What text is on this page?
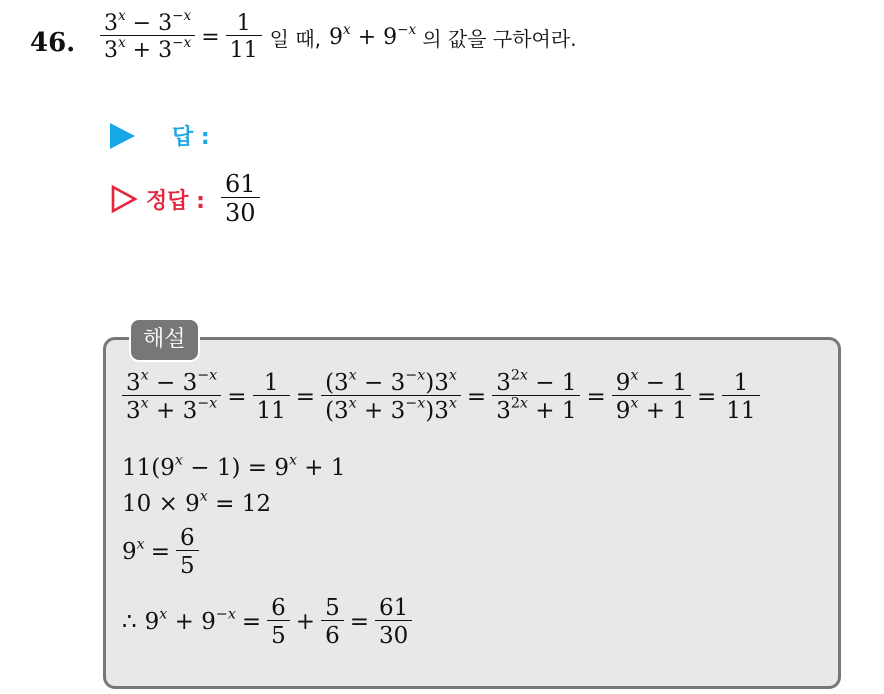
46. $\frac{3^x - 3^{-x}}{3^x + 3^{-x}} = \frac{1}{11}$ 일 때, $9^x + 9^{-x}$ 의 값을 구하여라.
답 :
정답 : $\frac{61}{30}$
해설
$\frac{3^x - 3^{-x}}{3^x + 3^{-x}} = \frac{1}{11} = \frac{(3^x - 3^{-x})3^x}{(3^x + 3^{-x})3^x} = \frac{3^{2x} - 1}{3^{2x} + 1} = \frac{9^x - 1}{9^x + 1} = \frac{1}{11}$
$11(9^x - 1) = 9^x + 1$
$10 \times 9^x = 12$
$9^x = \frac{6}{5}$
∴ $9^x + 9^{-x} = \frac{6}{5} + \frac{5}{6} = \frac{61}{30}$
